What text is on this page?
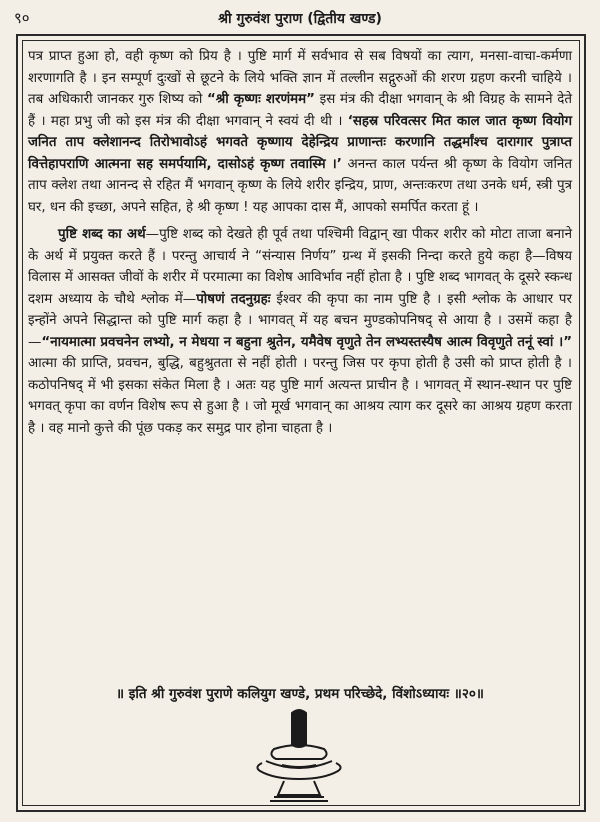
९०	श्री गुरुवंश पुराण (द्वितीय खण्ड)

पत्र प्राप्त हुआ हो, वही कृष्ण को प्रिय है । पुष्टि मार्ग में सर्वभाव से सब विषयों का त्याग, मनसा-वाचा-कर्मणा शरणागति है । इन सम्पूर्ण दुःखों से छूटने के लिये भक्ति ज्ञान में तल्लीन सद्गुरुओं की शरण ग्रहण करनी चाहिये । तब अधिकारी जानकर गुरु शिष्य को “श्री कृष्णः शरणंमम” इस मंत्र की दीक्षा भगवान् के श्री विग्रह के सामने देते हैं । महा प्रभु जी को इस मंत्र की दीक्षा भगवान् ने स्वयं दी थी । ‘सहस्र परिवत्सर मित काल जात कृष्ण वियोग जनित ताप क्लेशानन्द तिरोभावोऽहं भगवते कृष्णाय देहेन्द्रिय प्राणान्तः करणानि तद्धर्मांश्च दारागार पुत्राप्त वित्तेहापराणि आत्मना सह समर्पयामि, दासोऽहं कृष्ण तवास्मि ।’ अनन्त काल पर्यन्त श्री कृष्ण के वियोग जनित ताप क्लेश तथा आनन्द से रहित मैं भगवान् कृष्ण के लिये शरीर इन्द्रिय, प्राण, अन्तःकरण तथा उनके धर्म, स्त्री पुत्र घर, धन की इच्छा, अपने सहित, हे श्री कृष्ण ! यह आपका दास मैं, आपको समर्पित करता हूं ।

पुष्टि शब्द का अर्थ—पुष्टि शब्द को देखते ही पूर्व तथा पश्चिमी विद्वान् खा पीकर शरीर को मोटा ताजा बनाने के अर्थ में प्रयुक्त करते हैं । परन्तु आचार्य ने “संन्यास निर्णय” ग्रन्थ में इसकी निन्दा करते हुये कहा है—विषय विलास में आसक्त जीवों के शरीर में परमात्मा का विशेष आविर्भाव नहीं होता है । पुष्टि शब्द भागवत् के दूसरे स्कन्ध दशम अध्याय के चौथे श्लोक में—पोषणं तदनुग्रहः ईश्वर की कृपा का नाम पुष्टि है । इसी श्लोक के आधार पर इन्होंने अपने सिद्धान्त को पुष्टि मार्ग कहा है । भागवत् में यह बचन मुण्डकोपनिषद् से आया है । उसमें कहा है—“नायमात्मा प्रवचनेन लभ्यो, न मेधया न बहुना श्रुतेन, यमैवेष वृणुते तेन लभ्यस्तस्यैष आत्म विवृणुते तनूं स्वां ।” आत्मा की प्राप्ति, प्रवचन, बुद्धि, बहुश्रुतता से नहीं होती । परन्तु जिस पर कृपा होती है उसी को प्राप्त होती है । कठोपनिषद् में भी इसका संकेत मिला है । अतः यह पुष्टि मार्ग अत्यन्त प्राचीन है । भागवत् में स्थान-स्थान पर पुष्टि भगवत् कृपा का वर्णन विशेष रूप से हुआ है । जो मूर्ख भगवान् का आश्रय त्याग कर दूसरे का आश्रय ग्रहण करता है । वह मानो कुत्ते की पूंछ पकड़ कर समुद्र पार होना चाहता है ।

॥ इति श्री गुरुवंश पुराणे कलियुग खण्डे, प्रथम परिच्छेदे, विंशोऽध्यायः ॥२०॥
